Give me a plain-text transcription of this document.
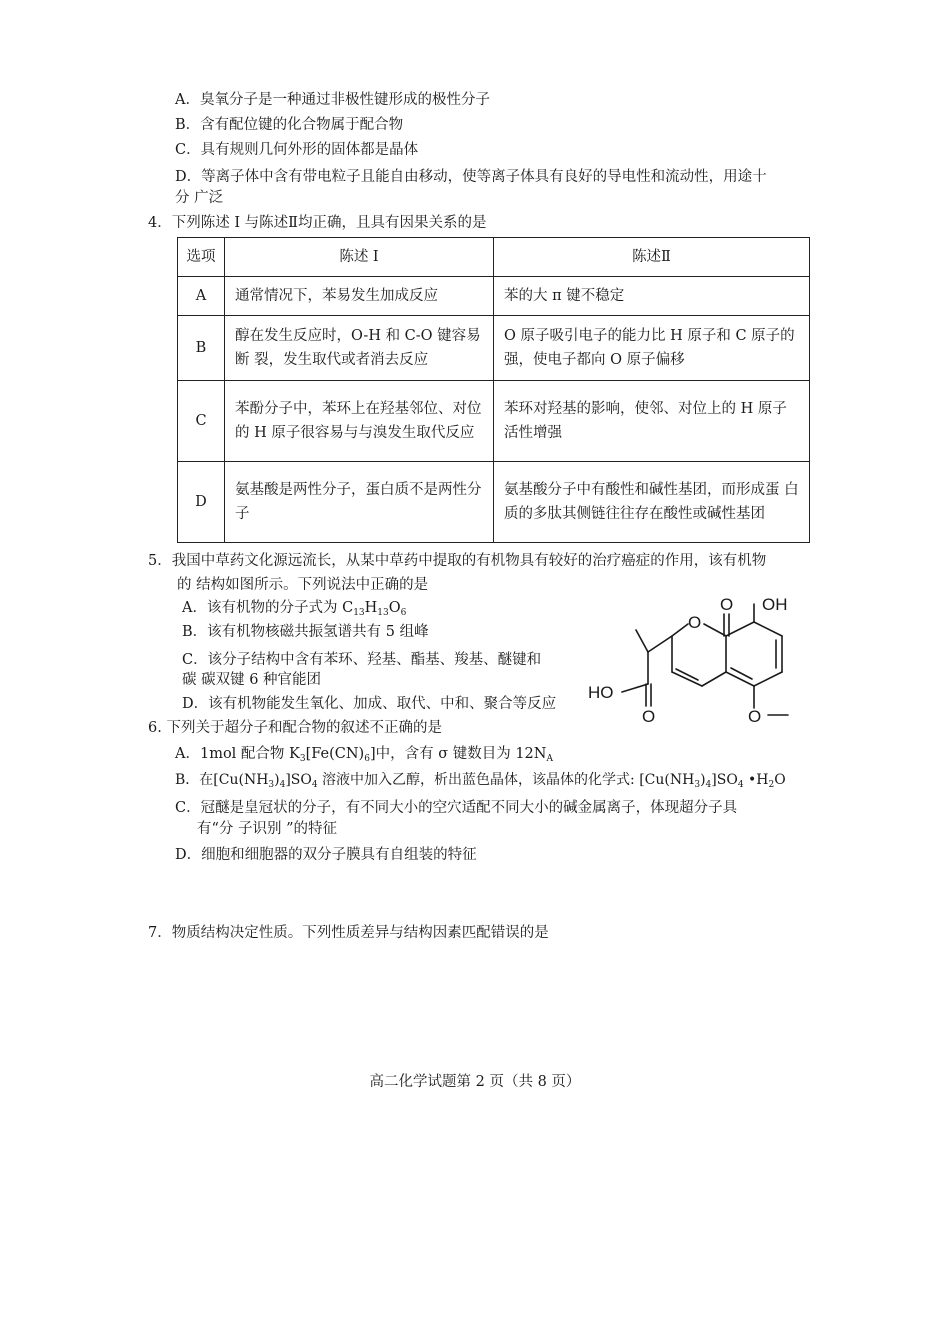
A．臭氧分子是一种通过非极性键形成的极性分子
B．含有配位键的化合物属于配合物
C．具有规则几何外形的固体都是晶体
D．等离子体中含有带电粒子且能自由移动，使等离子体具有良好的导电性和流动性，用途十
分 广泛
4．下列陈述 Ⅰ 与陈述Ⅱ均正确，且具有因果关系的是
选项	陈述 Ⅰ	陈述Ⅱ
A	通常情况下，苯易发生加成反应	苯的大 π 键不稳定
B	醇在发生反应时，O-H 和 C-O 键容易断 裂，发生取代或者消去反应	O 原子吸引电子的能力比 H 原子和 C 原子的 强，使电子都向 O 原子偏移
C	苯酚分子中，苯环上在羟基邻位、对位的 H 原子很容易与与溴发生取代反应	苯环对羟基的影响，使邻、对位上的 H 原子 活性增强
D	氨基酸是两性分子，蛋白质不是两性分子	氨基酸分子中有酸性和碱性基团，而形成蛋 白质的多肽其侧链往往存在酸性或碱性基团
5．我国中草药文化源远流长，从某中草药中提取的有机物具有较好的治疗癌症的作用，该有机物
的 结构如图所示。下列说法中正确的是
A．该有机物的分子式为 $C_{13}H_{13}O_6$
B．该有机物核磁共振氢谱共有 5 组峰
C．该分子结构中含有苯环、羟基、酯基、羧基、醚键和
碳 碳双键 6 种官能团
D．该有机物能发生氧化、加成、取代、中和、聚合等反应
O OH
O
HO
O	O
6. 下列关于超分子和配合物的叙述不正确的是
A．1mol 配合物 $K_3[Fe(CN)_6]$中，含有 σ 键数目为 $12N_A$
B．在$[Cu(NH_3)_4]SO_4$ 溶液中加入乙醇，析出蓝色晶体，该晶体的化学式: $[Cu(NH_3)_4]SO_4$ $•H_2O$
C．冠醚是皇冠状的分子，有不同大小的空穴适配不同大小的碱金属离子，体现超分子具
有“分 子识别 ”的特征
D．细胞和细胞器的双分子膜具有自组装的特征
7．物质结构决定性质。下列性质差异与结构因素匹配错误的是
高二化学试题第 2 页（共 8 页）
